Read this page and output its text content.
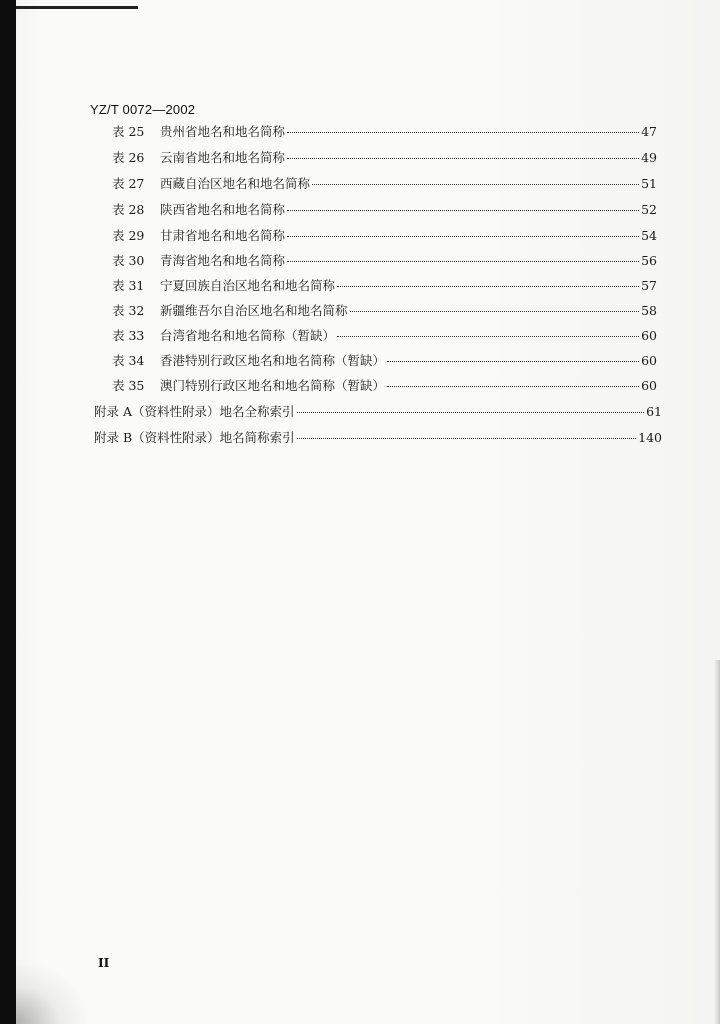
YZ/T 0072—2002
表 25	贵州省地名和地名简称	47
表 26	云南省地名和地名简称	49
表 27	西藏自治区地名和地名简称	51
表 28	陕西省地名和地名简称	52
表 29	甘肃省地名和地名简称	54
表 30	青海省地名和地名简称	56
表 31	宁夏回族自治区地名和地名简称	57
表 32	新疆维吾尔自治区地名和地名简称	58
表 33	台湾省地名和地名简称（暂缺）	60
表 34	香港特别行政区地名和地名简称（暂缺）	60
表 35	澳门特别行政区地名和地名简称（暂缺）	60
附录 A（资料性附录）地名全称索引	61
附录 B（资料性附录）地名简称索引	140
II
